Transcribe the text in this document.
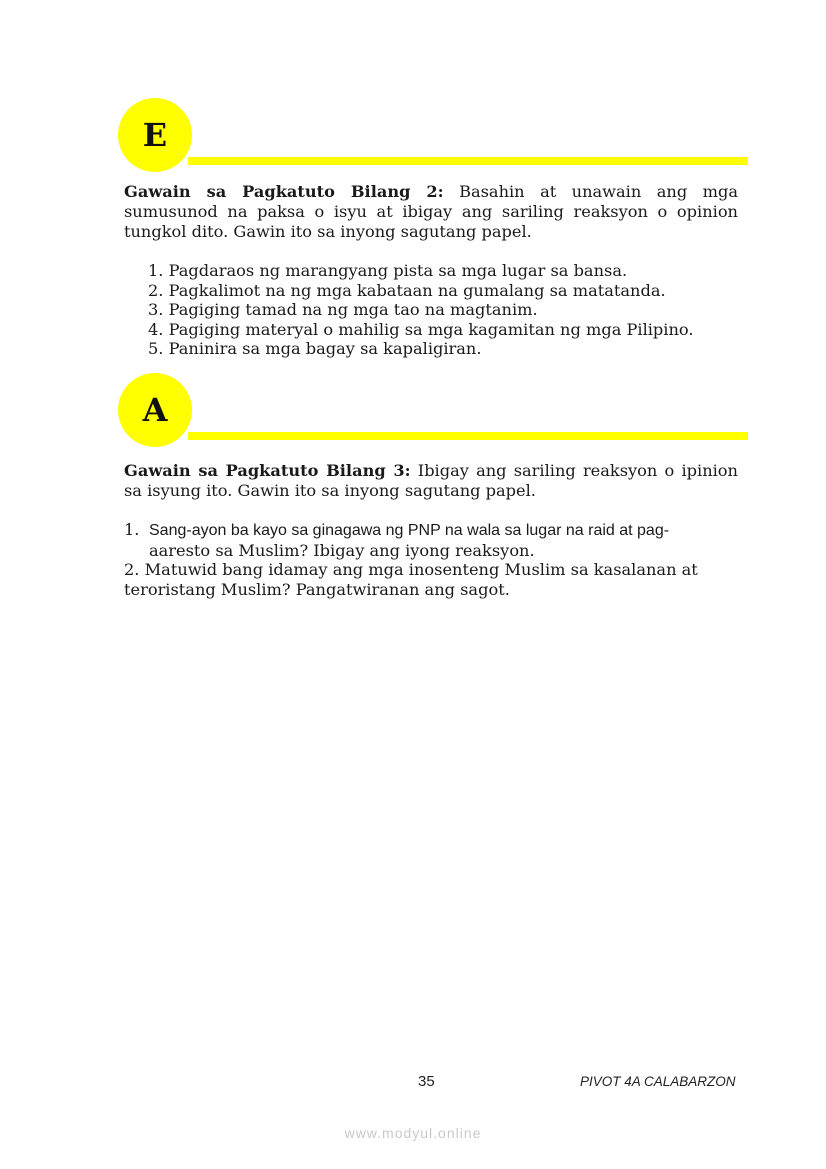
E

Gawain sa Pagkatuto Bilang 2: Basahin at unawain ang mga sumusunod na paksa o isyu at ibigay ang sariling reaksyon o opinion tungkol dito. Gawin ito sa inyong sagutang papel.

1. Pagdaraos ng marangyang pista sa mga lugar sa bansa.
2. Pagkalimot na ng mga kabataan na gumalang sa matatanda.
3. Pagiging tamad na ng mga tao na magtanim.
4. Pagiging materyal o mahilig sa mga kagamitan ng mga Pilipino.
5. Paninira sa mga bagay sa kapaligiran.
A

Gawain sa Pagkatuto Bilang 3: Ibigay ang sariling reaksyon o ipinion sa isyung ito. Gawin ito sa inyong sagutang papel.

1. Sang-ayon ba kayo sa ginagawa ng PNP na wala sa lugar na raid at pag-
aaresto sa Muslim? Ibigay ang iyong reaksyon.
2. Matuwid bang idamay ang mga inosenteng Muslim sa kasalanan at teroristang Muslim? Pangatwiranan ang sagot.
35	PIVOT 4A CALABARZON
www.modyul.online
